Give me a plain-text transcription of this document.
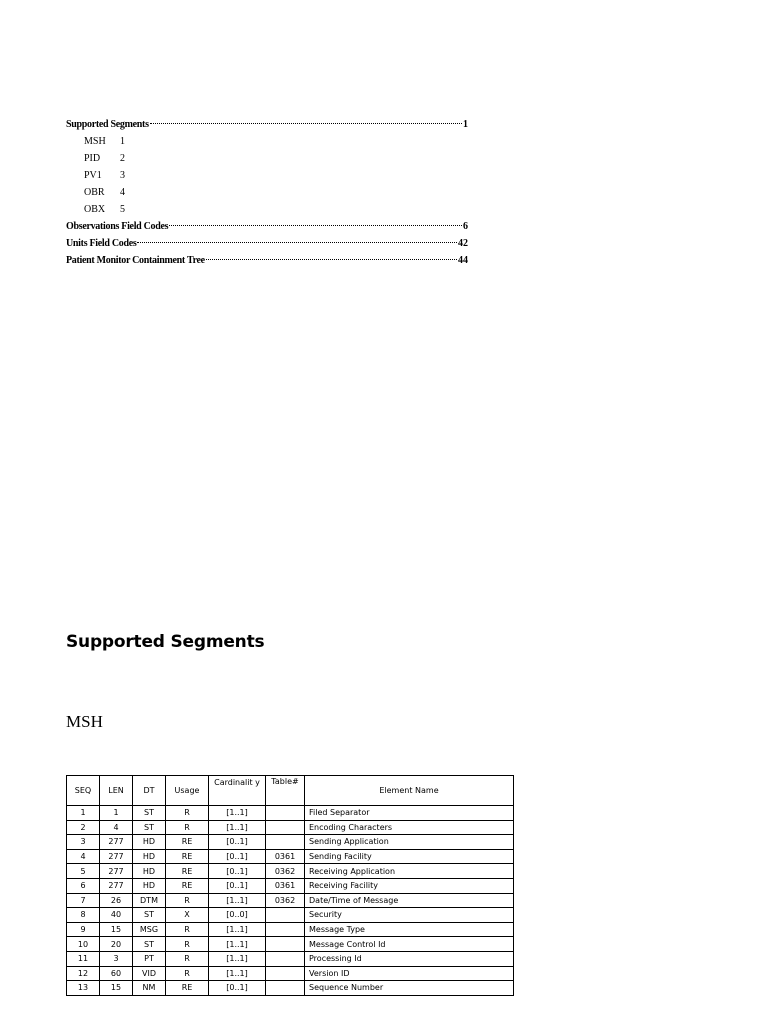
Supported Segments	1
MSH	1
PID	2
PV1	3
OBR	4
OBX	5
Observations Field Codes	6
Units Field Codes	42
Patient Monitor Containment Tree	44
Supported Segments
MSH
SEQ	LEN	DT	Usage	Cardinalit y	Table#	Element Name
1	1	ST	R	[1..1]		Filed Separator
2	4	ST	R	[1..1]		Encoding Characters
3	277	HD	RE	[0..1]		Sending Application
4	277	HD	RE	[0..1]	0361	Sending Facility
5	277	HD	RE	[0..1]	0362	Receiving Application
6	277	HD	RE	[0..1]	0361	Receiving Facility
7	26	DTM	R	[1..1]	0362	Date/Time of Message
8	40	ST	X	[0..0]		Security
9	15	MSG	R	[1..1]		Message Type
10	20	ST	R	[1..1]		Message Control Id
11	3	PT	R	[1..1]		Processing Id
12	60	VID	R	[1..1]		Version ID
13	15	NM	RE	[0..1]		Sequence Number
